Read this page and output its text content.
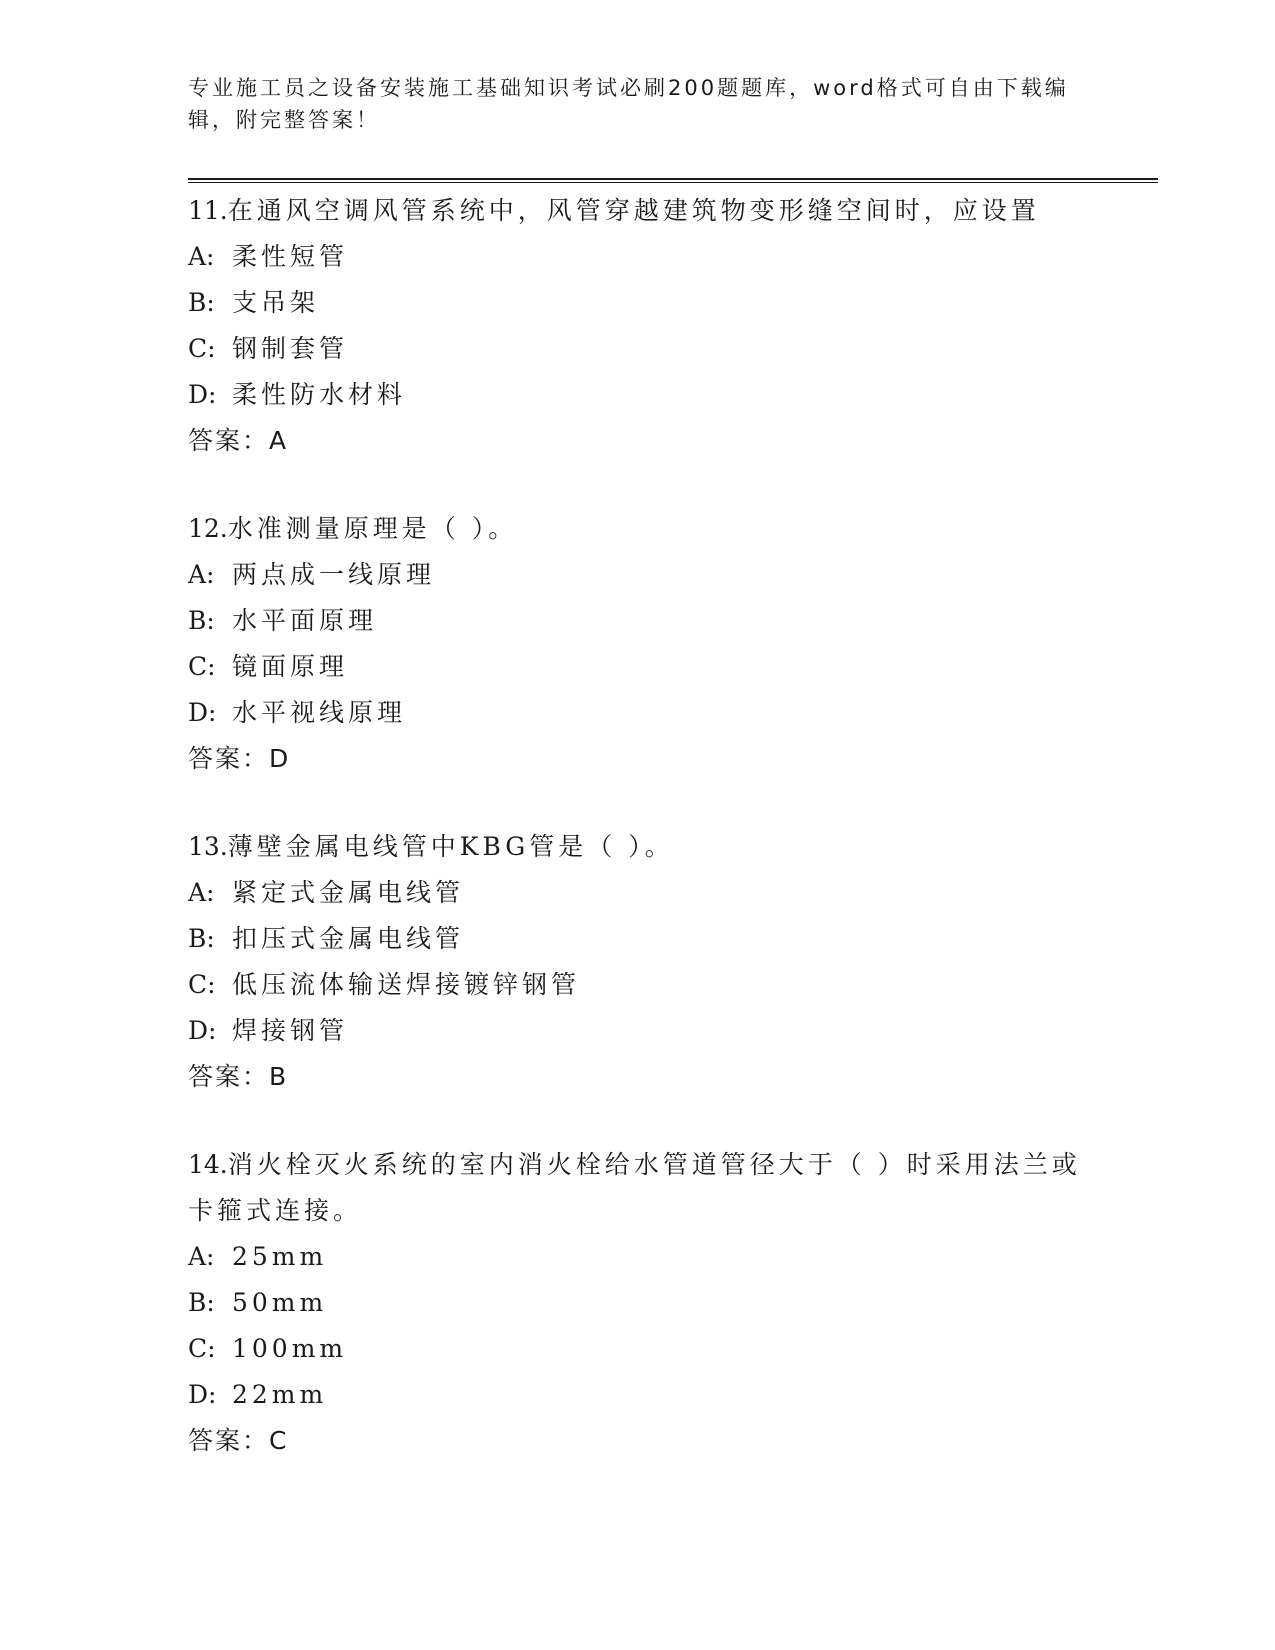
专业施工员之设备安装施工基础知识考试必刷200题题库，word格式可自由下载编辑，附完整答案！
11.在通风空调风管系统中，风管穿越建筑物变形缝空间时，应设置
A: 柔性短管
B: 支吊架
C: 钢制套管
D: 柔性防水材料
答案：A
12.水准测量原理是（ ）。
A: 两点成一线原理
B: 水平面原理
C: 镜面原理
D: 水平视线原理
答案：D
13.薄壁金属电线管中KBG管是（ ）。
A: 紧定式金属电线管
B: 扣压式金属电线管
C: 低压流体输送焊接镀锌钢管
D: 焊接钢管
答案：B
14.消火栓灭火系统的室内消火栓给水管道管径大于（ ）时采用法兰或卡箍式连接。
A: 25mm
B: 50mm
C: 100mm
D: 22mm
答案：C
